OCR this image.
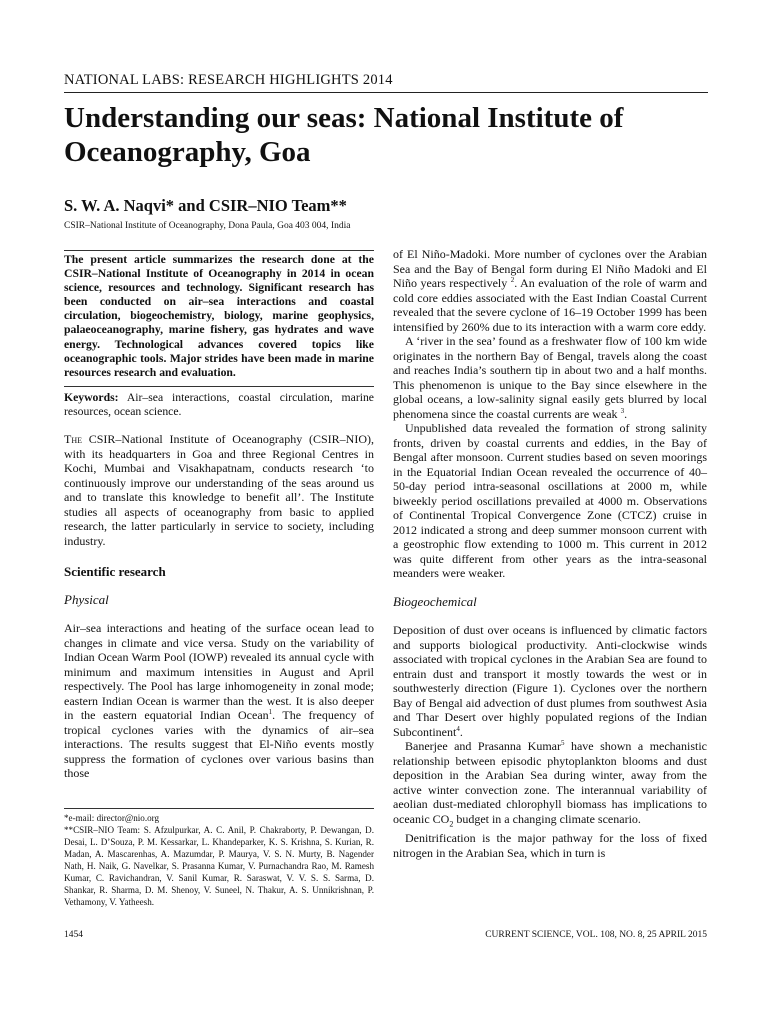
NATIONAL LABS: RESEARCH HIGHLIGHTS 2014
Understanding our seas: National Institute of Oceanography, Goa
S. W. A. Naqvi* and CSIR–NIO Team**
CSIR–National Institute of Oceanography, Dona Paula, Goa 403 004, India
The present article summarizes the research done at the CSIR–National Institute of Oceanography in 2014 in ocean science, resources and technology. Significant research has been conducted on air–sea interactions and coastal circulation, biogeochemistry, biology, marine geophysics, palaeoceanography, marine fishery, gas hydrates and wave energy. Technological advances covered topics like oceanographic tools. Major strides have been made in marine resources research and evaluation.
Keywords: Air–sea interactions, coastal circulation, marine resources, ocean science.

The CSIR–National Institute of Oceanography (CSIR–NIO), with its headquarters in Goa and three Regional Centres in Kochi, Mumbai and Visakhapatnam, conducts research ‘to continuously improve our understanding of the seas around us and to translate this knowledge to benefit all’. The Institute studies all aspects of oceanography from basic to applied research, the latter particularly in service to society, including industry.

Scientific research
Physical

Air–sea interactions and heating of the surface ocean lead to changes in climate and vice versa. Study on the variability of Indian Ocean Warm Pool (IOWP) revealed its annual cycle with minimum and maximum intensities in August and April respectively. The Pool has large inhomogeneity in zonal mode; eastern Indian Ocean is warmer than the west. It is also deeper in the eastern equatorial Indian Ocean$^1$. The frequency of tropical cyclones varies with the dynamics of air–sea interactions. The results suggest that El-Niño events mostly suppress the formation of cyclones over various basins than those

of El Niño-Madoki. More number of cyclones over the Arabian Sea and the Bay of Bengal form during El Niño Madoki and El Niño years respectively $^2$. An evaluation of the role of warm and cold core eddies associated with the East Indian Coastal Current revealed that the severe cyclone of 16–19 October 1999 has been intensified by 260% due to its interaction with a warm core eddy.

A ‘river in the sea’ found as a freshwater flow of 100 km wide originates in the northern Bay of Bengal, travels along the coast and reaches India’s southern tip in about two and a half months. This phenomenon is unique to the Bay since elsewhere in the global oceans, a low-salinity signal easily gets blurred by local phenomena since the coastal currents are weak $^3$.

Unpublished data revealed the formation of strong salinity fronts, driven by coastal currents and eddies, in the Bay of Bengal after monsoon. Current studies based on seven moorings in the Equatorial Indian Ocean revealed the occurrence of 40–50-day period intra-seasonal oscillations at 2000 m, while biweekly period oscillations prevailed at 4000 m. Observations of Continental Tropical Convergence Zone (CTCZ) cruise in 2012 indicated a strong and deep summer monsoon current with a geostrophic flow extending to 1000 m. This current in 2012 was quite different from other years as the intra-seasonal meanders were weaker.

Biogeochemical

Deposition of dust over oceans is influenced by climatic factors and supports biological productivity. Anti-clockwise winds associated with tropical cyclones in the Arabian Sea are found to entrain dust and transport it mostly towards the west or in southwesterly direction (Figure 1). Cyclones over the northern Bay of Bengal aid advection of dust plumes from southwest Asia and Thar Desert over highly populated regions of the Indian Subcontinent$^4$.

Banerjee and Prasanna Kumar$^5$ have shown a mechanistic relationship between episodic phytoplankton blooms and dust deposition in the Arabian Sea during winter, away from the active winter convection zone. The interannual variability of aeolian dust-mediated chlorophyll biomass has implications to oceanic $CO_2$ budget in a changing climate scenario.

Denitrification is the major pathway for the loss of fixed nitrogen in the Arabian Sea, which in turn is

*e-mail: director@nio.org
**CSIR–NIO Team: S. Afzulpurkar, A. C. Anil, P. Chakraborty, P. Dewangan, D. Desai, L. D’Souza, P. M. Kessarkar, L. Khandeparker, K. S. Krishna, S. Kurian, R. Madan, A. Mascarenhas, A. Mazumdar, P. Maurya, V. S. N. Murty, B. Nagender Nath, H. Naik, G. Navelkar, S. Prasanna Kumar, V. Purnachandra Rao, M. Ramesh Kumar, C. Ravichandran, V. Sanil Kumar, R. Saraswat, V. V. S. S. Sarma, D. Shankar, R. Sharma, D. M. Shenoy, V. Suneel, N. Thakur, A. S. Unnikrishnan, P. Vethamony, V. Yatheesh.
1454	CURRENT SCIENCE, VOL. 108, NO. 8, 25 APRIL 2015
